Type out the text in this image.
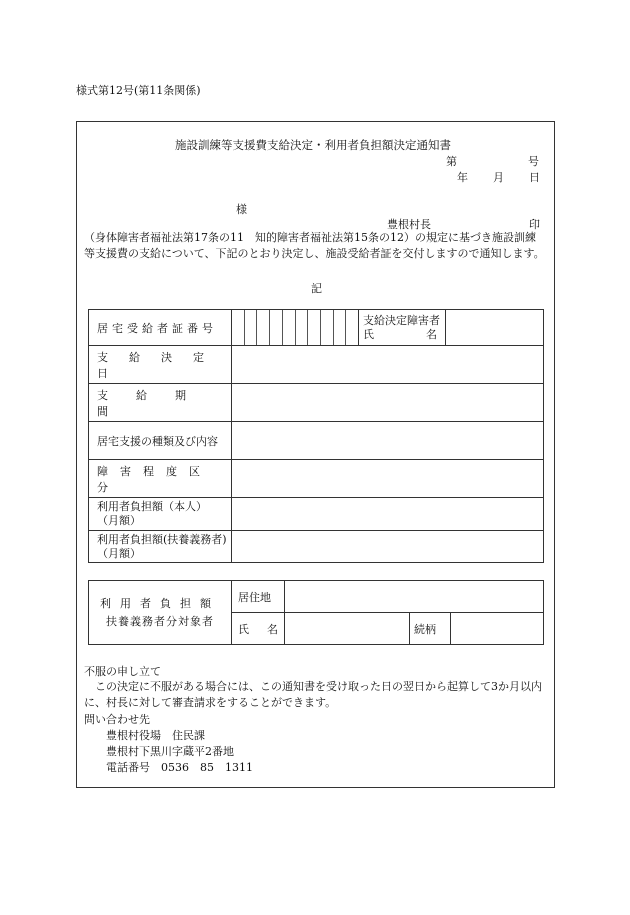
様式第12号(第11条関係)
施設訓練等支援費支給決定・利用者負担額決定通知書
第	号
年 月 日
様
豊根村長	印
（身体障害者福祉法第17条の11　知的障害者福祉法第15条の12）の規定に基づき施設訓練等支援費の支給について、下記のとおり決定し、施設受給者証を交付しますので通知します。
記
居宅受給者証番号		支給決定障害者
氏 名	

支給決定日			

支給期間			

居宅支援の種類及び内容			

障害程度区分			

利用者負担額（本人）
（月額）			

利用者負担額(扶養義務者)
（月額）			

利用者負担額
扶養義務者分対象者	居住地			

	氏 名		続柄	

不服の申し立て
この決定に不服がある場合には、この通知書を受け取った日の翌日から起算して3か月以内に、村長に対して審査請求をすることができます。
問い合わせ先
豊根村役場　住民課
豊根村下黒川字蔵平2番地
電話番号　0536　85　1311
